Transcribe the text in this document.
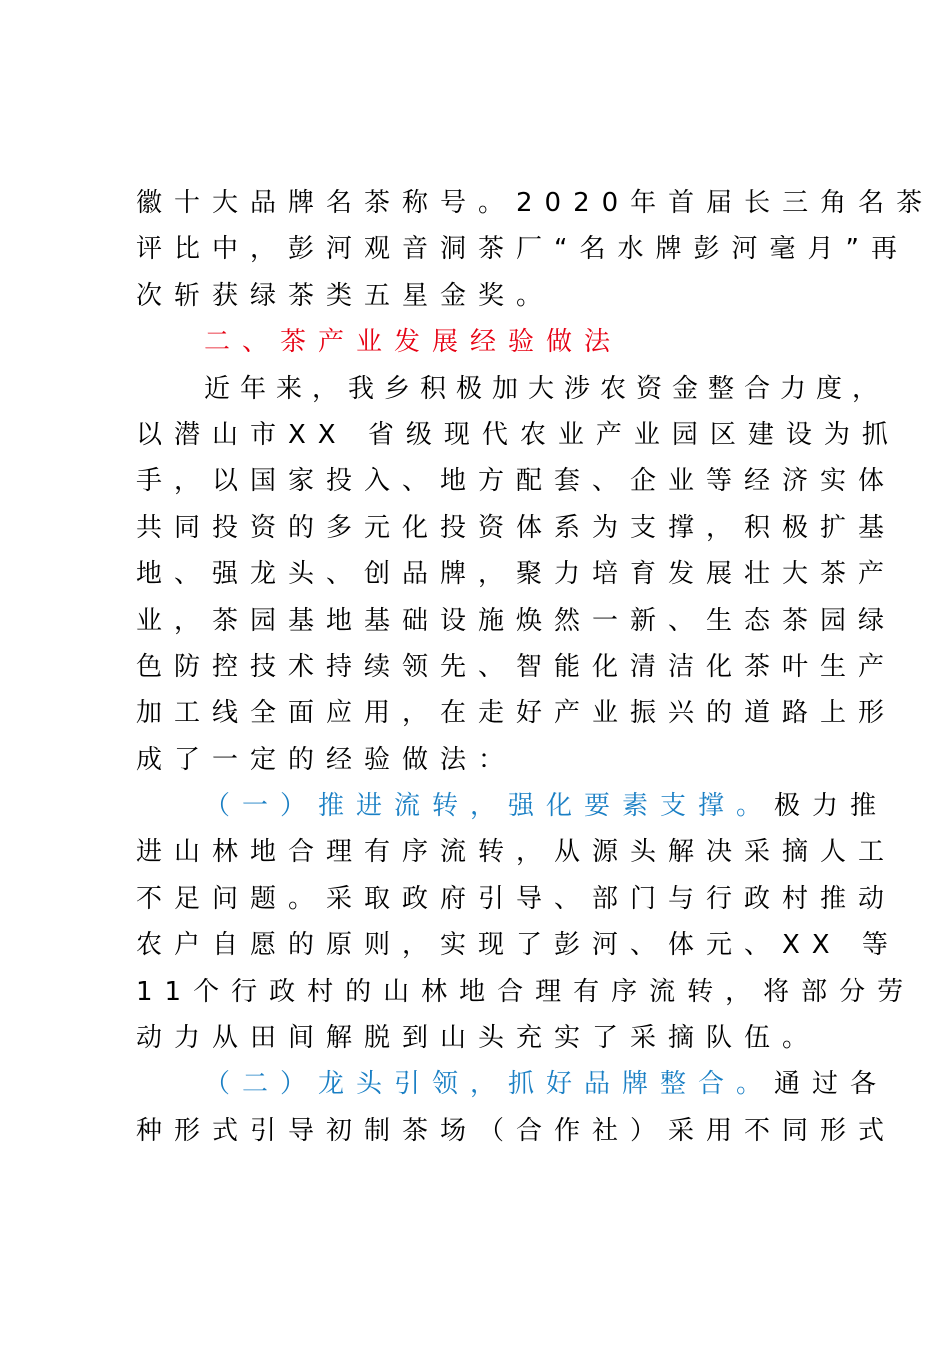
徽十大品牌名茶称号。2020年首届长三角名茶
评比中，彭河观音洞茶厂“名水牌彭河毫月”再
次斩获绿茶类五星金奖。
二、茶产业发展经验做法
近年来，我乡积极加大涉农资金整合力度，
以潜山市XX 省级现代农业产业园区建设为抓
手，以国家投入、地方配套、企业等经济实体
共同投资的多元化投资体系为支撑，积极扩基
地、强龙头、创品牌，聚力培育发展壮大茶产
业，茶园基地基础设施焕然一新、生态茶园绿
色防控技术持续领先、智能化清洁化茶叶生产
加工线全面应用，在走好产业振兴的道路上形
成了一定的经验做法：
（一）推进流转，强化要素支撑。极力推
进山林地合理有序流转，从源头解决采摘人工
不足问题。采取政府引导、部门与行政村推动
农户自愿的原则，实现了彭河、体元、XX 等
11个行政村的山林地合理有序流转，将部分劳
动力从田间解脱到山头充实了采摘队伍。
（二）龙头引领，抓好品牌整合。通过各
种形式引导初制茶场（合作社）采用不同形式
